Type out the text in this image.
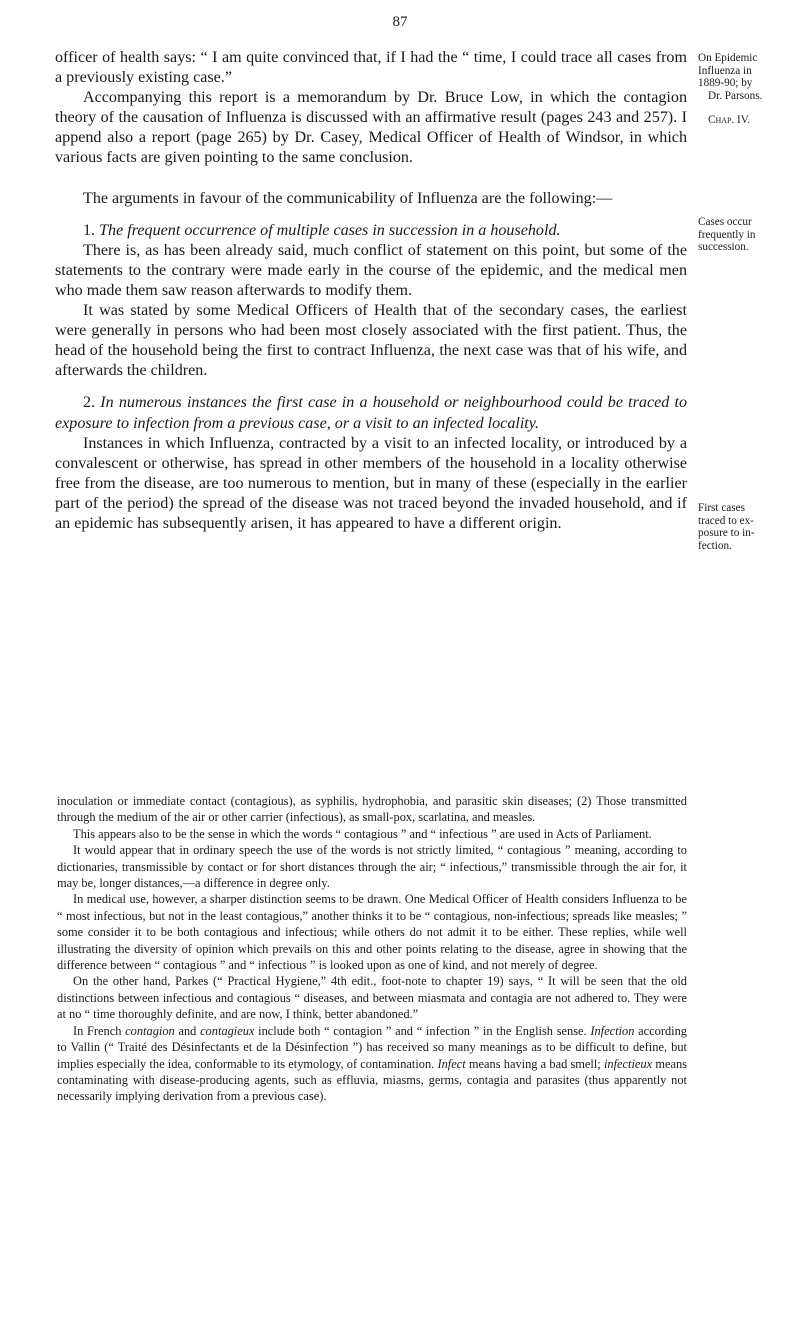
87
On Epidemic
Influenza in
1889-90; by
Dr. Parsons.
Chap. IV.
Cases occur
frequently in
succession.
First cases
traced to ex-
posure to in-
fection.

officer of health says: “ I am quite convinced that, if I had the “ time, I could trace all cases from a previously existing case.”

Accompanying this report is a memorandum by Dr. Bruce Low, in which the contagion theory of the causation of Influenza is discussed with an affirmative result (pages 243 and 257). I append also a report (page 265) by Dr. Casey, Medical Officer of Health of Windsor, in which various facts are given pointing to the same conclusion.

The arguments in favour of the communicability of Influenza are the following:—

1. The frequent occurrence of multiple cases in succession in a household.

There is, as has been already said, much conflict of statement on this point, but some of the statements to the contrary were made early in the course of the epidemic, and the medical men who made them saw reason afterwards to modify them.

It was stated by some Medical Officers of Health that of the secondary cases, the earliest were generally in persons who had been most closely associated with the first patient. Thus, the head of the household being the first to contract Influenza, the next case was that of his wife, and afterwards the children.

2. In numerous instances the first case in a household or neighbourhood could be traced to exposure to infection from a previous case, or a visit to an infected locality.

Instances in which Influenza, contracted by a visit to an infected locality, or introduced by a convalescent or otherwise, has spread in other members of the household in a locality otherwise free from the disease, are too numerous to mention, but in many of these (especially in the earlier part of the period) the spread of the disease was not traced beyond the invaded household, and if an epidemic has subsequently arisen, it has appeared to have a different origin.

inoculation or immediate contact (contagious), as syphilis, hydrophobia, and parasitic skin diseases; (2) Those transmitted through the medium of the air or other carrier (infectious), as small-pox, scarlatina, and measles.

This appears also to be the sense in which the words “ contagious ” and “ infectious ” are used in Acts of Parliament.

It would appear that in ordinary speech the use of the words is not strictly limited, “ contagious ” meaning, according to dictionaries, transmissible by contact or for short distances through the air; “ infectious,” transmissible through the air for, it may be, longer distances,—a difference in degree only.

In medical use, however, a sharper distinction seems to be drawn. One Medical Officer of Health considers Influenza to be “ most infectious, but not in the least contagious,” another thinks it to be “ contagious, non-infectious; spreads like measles; ” some consider it to be both contagious and infectious; while others do not admit it to be either. These replies, while well illustrating the diversity of opinion which prevails on this and other points relating to the disease, agree in showing that the difference between “ contagious ” and “ infectious ” is looked upon as one of kind, and not merely of degree.

On the other hand, Parkes (“ Practical Hygiene,” 4th edit., foot-note to chapter 19) says, “ It will be seen that the old distinctions between infectious and contagious “ diseases, and between miasmata and contagia are not adhered to. They were at no “ time thoroughly definite, and are now, I think, better abandoned.”

In French contagion and contagieux include both “ contagion ” and “ infection ” in the English sense. Infection according to Vallin (“ Traité des Désinfectants et de la Désinfection ”) has received so many meanings as to be difficult to define, but implies especially the idea, conformable to its etymology, of contamination. Infect means having a bad smell; infectieux means contaminating with disease-producing agents, such as effluvia, miasms, germs, contagia and parasites (thus apparently not necessarily implying derivation from a previous case).
